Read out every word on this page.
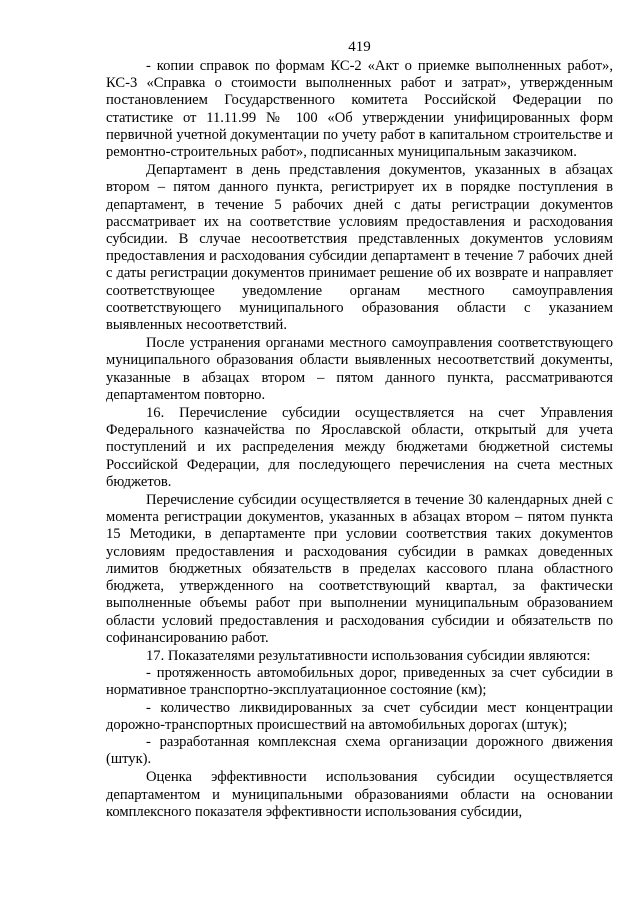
419

- копии справок по формам КС-2 «Акт о приемке выполненных работ», КС-3 «Справка о стоимости выполненных работ и затрат», утвержденным постановлением Государственного комитета Российской Федерации по статистике от 11.11.99 № 100 «Об утверждении унифицированных форм первичной учетной документации по учету работ в капитальном строительстве и ремонтно-строительных работ», подписанных муниципальным заказчиком.

Департамент в день представления документов, указанных в абзацах втором – пятом данного пункта, регистрирует их в порядке поступления в департамент, в течение 5 рабочих дней с даты регистрации документов рассматривает их на соответствие условиям предоставления и расходования субсидии. В случае несоответствия представленных документов условиям предоставления и расходования субсидии департамент в течение 7 рабочих дней с даты регистрации документов принимает решение об их возврате и направляет соответствующее уведомление органам местного самоуправления соответствующего муниципального образования области с указанием выявленных несоответствий.

После устранения органами местного самоуправления соответствующего муниципального образования области выявленных несоответствий документы, указанные в абзацах втором – пятом данного пункта, рассматриваются департаментом повторно.

16. Перечисление субсидии осуществляется на счет Управления Федерального казначейства по Ярославской области, открытый для учета поступлений и их распределения между бюджетами бюджетной системы Российской Федерации, для последующего перечисления на счета местных бюджетов.

Перечисление субсидии осуществляется в течение 30 календарных дней с момента регистрации документов, указанных в абзацах втором – пятом пункта 15 Методики, в департаменте при условии соответствия таких документов условиям предоставления и расходования субсидии в рамках доведенных лимитов бюджетных обязательств в пределах кассового плана областного бюджета, утвержденного на соответствующий квартал, за фактически выполненные объемы работ при выполнении муниципальным образованием области условий предоставления и расходования субсидии и обязательств по софинансированию работ.

17. Показателями результативности использования субсидии являются:

- протяженность автомобильных дорог, приведенных за счет субсидии в нормативное транспортно-эксплуатационное состояние (км);

- количество ликвидированных за счет субсидии мест концентрации дорожно-транспортных происшествий на автомобильных дорогах (штук);

- разработанная комплексная схема организации дорожного движения (штук).

Оценка эффективности использования субсидии осуществляется департаментом и муниципальными образованиями области на основании комплексного показателя эффективности использования субсидии,
